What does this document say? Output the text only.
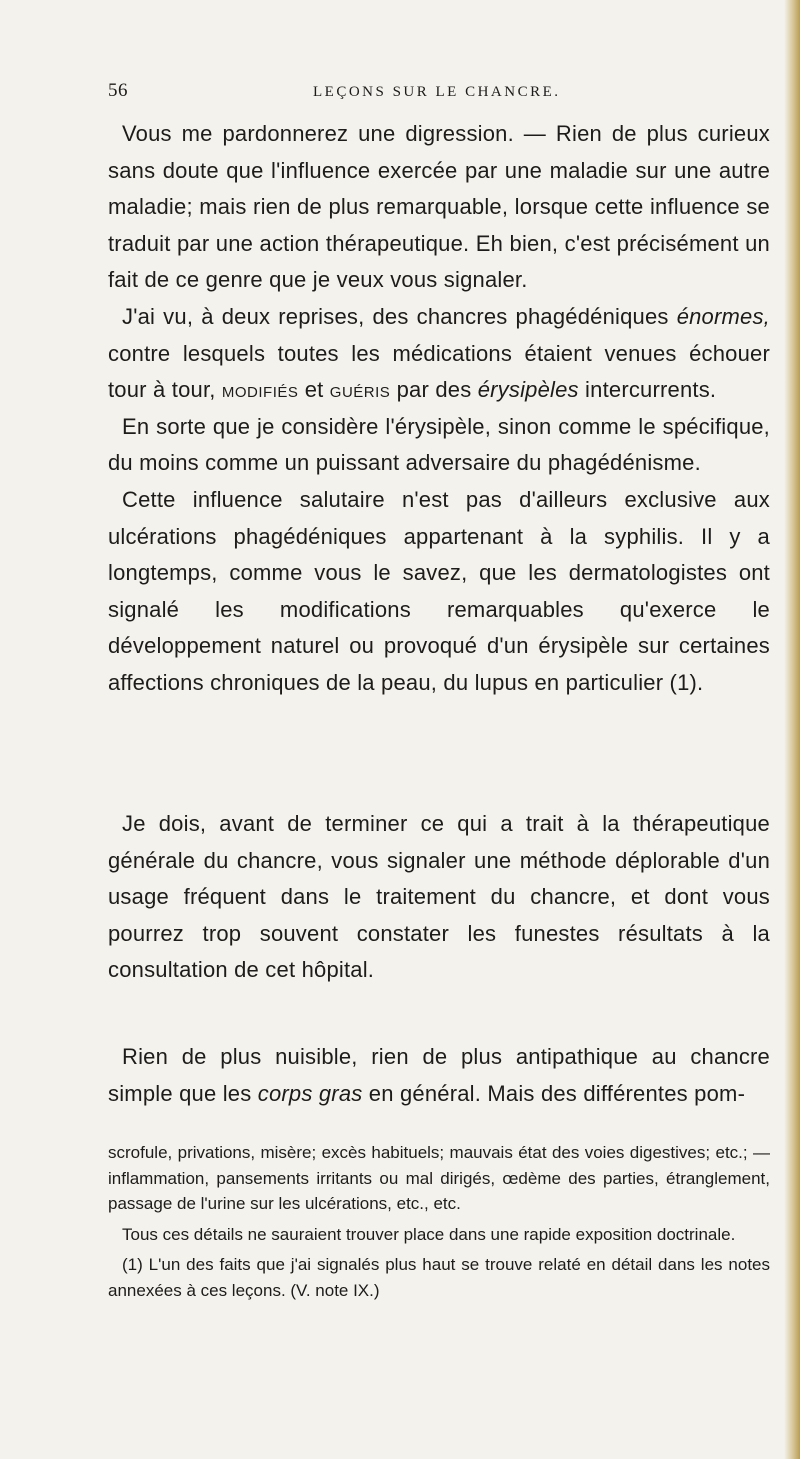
56	LEÇONS SUR LE CHANCRE.

Vous me pardonnerez une digression. — Rien de plus curieux sans doute que l'influence exercée par une maladie sur une autre maladie; mais rien de plus remarquable, lorsque cette influence se traduit par une action thérapeutique. Eh bien, c'est précisément un fait de ce genre que je veux vous signaler.

J'ai vu, à deux reprises, des chancres phagédéniques énormes, contre lesquels toutes les médications étaient venues échouer tour à tour, modifiés et guéris par des érysipèles intercurrents.

En sorte que je considère l'érysipèle, sinon comme le spécifique, du moins comme un puissant adversaire du phagédénisme.

Cette influence salutaire n'est pas d'ailleurs exclusive aux ulcérations phagédéniques appartenant à la syphilis. Il y a longtemps, comme vous le savez, que les dermatologistes ont signalé les modifications remarquables qu'exerce le développement naturel ou provoqué d'un érysipèle sur certaines affections chroniques de la peau, du lupus en particulier (1).

Je dois, avant de terminer ce qui a trait à la thérapeutique générale du chancre, vous signaler une méthode déplorable d'un usage fréquent dans le traitement du chancre, et dont vous pourrez trop souvent constater les funestes résultats à la consultation de cet hôpital.

Rien de plus nuisible, rien de plus antipathique au chancre simple que les corps gras en général. Mais des différentes pom-

scrofule, privations, misère; excès habituels; mauvais état des voies digestives; etc.; — inflammation, pansements irritants ou mal dirigés, œdème des parties, étranglement, passage de l'urine sur les ulcérations, etc., etc.

Tous ces détails ne sauraient trouver place dans une rapide exposition doctrinale.

(1) L'un des faits que j'ai signalés plus haut se trouve relaté en détail dans les notes annexées à ces leçons. (V. note IX.)
